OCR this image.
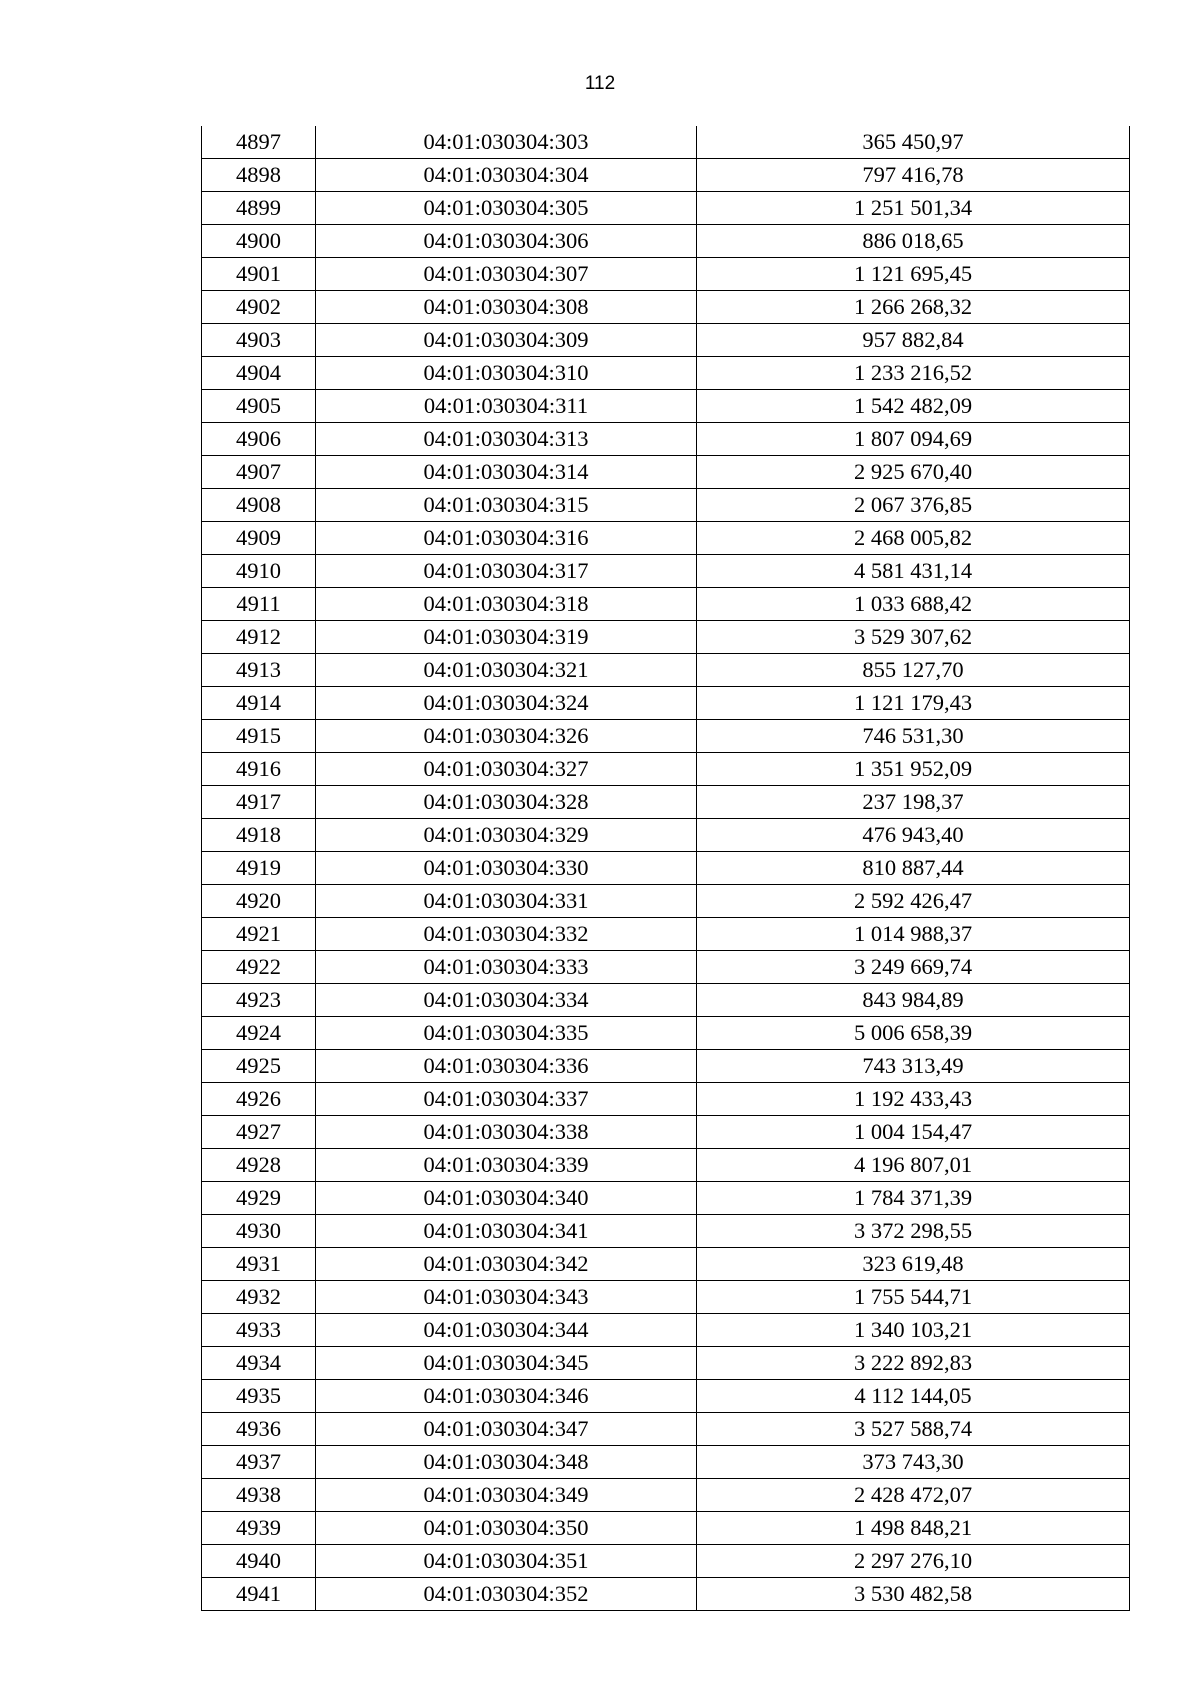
112
4897	04:01:030304:303	365 450,97
4898	04:01:030304:304	797 416,78
4899	04:01:030304:305	1 251 501,34
4900	04:01:030304:306	886 018,65
4901	04:01:030304:307	1 121 695,45
4902	04:01:030304:308	1 266 268,32
4903	04:01:030304:309	957 882,84
4904	04:01:030304:310	1 233 216,52
4905	04:01:030304:311	1 542 482,09
4906	04:01:030304:313	1 807 094,69
4907	04:01:030304:314	2 925 670,40
4908	04:01:030304:315	2 067 376,85
4909	04:01:030304:316	2 468 005,82
4910	04:01:030304:317	4 581 431,14
4911	04:01:030304:318	1 033 688,42
4912	04:01:030304:319	3 529 307,62
4913	04:01:030304:321	855 127,70
4914	04:01:030304:324	1 121 179,43
4915	04:01:030304:326	746 531,30
4916	04:01:030304:327	1 351 952,09
4917	04:01:030304:328	237 198,37
4918	04:01:030304:329	476 943,40
4919	04:01:030304:330	810 887,44
4920	04:01:030304:331	2 592 426,47
4921	04:01:030304:332	1 014 988,37
4922	04:01:030304:333	3 249 669,74
4923	04:01:030304:334	843 984,89
4924	04:01:030304:335	5 006 658,39
4925	04:01:030304:336	743 313,49
4926	04:01:030304:337	1 192 433,43
4927	04:01:030304:338	1 004 154,47
4928	04:01:030304:339	4 196 807,01
4929	04:01:030304:340	1 784 371,39
4930	04:01:030304:341	3 372 298,55
4931	04:01:030304:342	323 619,48
4932	04:01:030304:343	1 755 544,71
4933	04:01:030304:344	1 340 103,21
4934	04:01:030304:345	3 222 892,83
4935	04:01:030304:346	4 112 144,05
4936	04:01:030304:347	3 527 588,74
4937	04:01:030304:348	373 743,30
4938	04:01:030304:349	2 428 472,07
4939	04:01:030304:350	1 498 848,21
4940	04:01:030304:351	2 297 276,10
4941	04:01:030304:352	3 530 482,58
